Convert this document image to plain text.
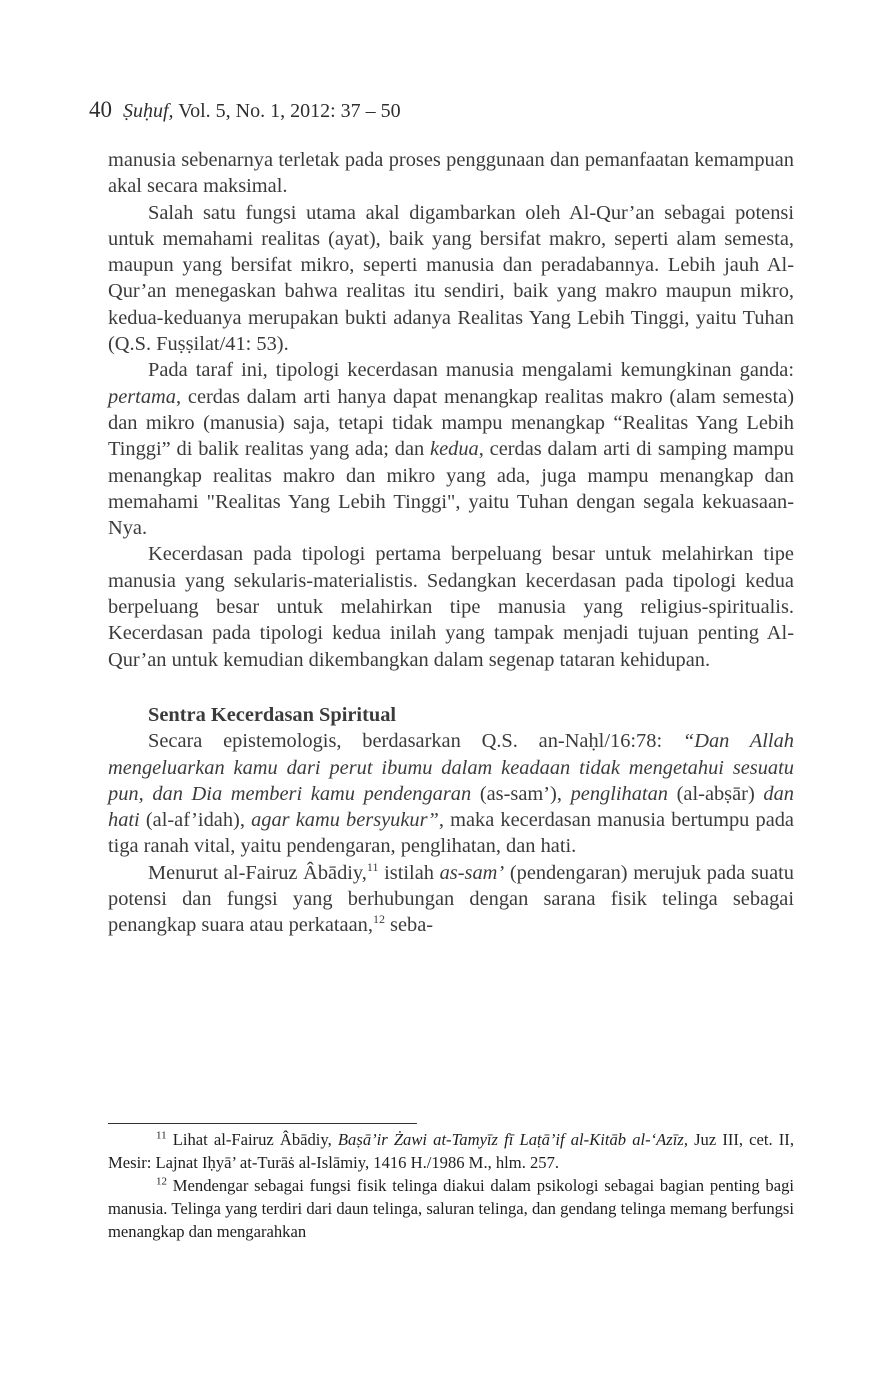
40 Ṣuḥuf, Vol. 5, No. 1, 2012: 37 – 50

manusia sebenarnya terletak pada proses penggunaan dan pemanfaatan kemampuan akal secara maksimal.

Salah satu fungsi utama akal digambarkan oleh Al-Qur’an sebagai potensi untuk memahami realitas (ayat), baik yang bersifat makro, seperti alam semesta, maupun yang bersifat mikro, seperti manusia dan peradabannya. Lebih jauh Al-Qur’an menegaskan bahwa realitas itu sendiri, baik yang makro maupun mikro, kedua-keduanya merupakan bukti adanya Realitas Yang Lebih Tinggi, yaitu Tuhan (Q.S. Fuṣṣilat/41: 53).

Pada taraf ini, tipologi kecerdasan manusia mengalami kemungkinan ganda: pertama, cerdas dalam arti hanya dapat menangkap realitas makro (alam semesta) dan mikro (manusia) saja, tetapi tidak mampu menangkap “Realitas Yang Lebih Tinggi” di balik realitas yang ada; dan kedua, cerdas dalam arti di samping mampu menangkap realitas makro dan mikro yang ada, juga mampu menangkap dan memahami "Realitas Yang Lebih Tinggi", yaitu Tuhan dengan segala kekuasaan-Nya.

Kecerdasan pada tipologi pertama berpeluang besar untuk melahirkan tipe manusia yang sekularis-materialistis. Sedangkan kecerdasan pada tipologi kedua berpeluang besar untuk melahirkan tipe manusia yang religius-spiritualis. Kecerdasan pada tipologi kedua inilah yang tampak menjadi tujuan penting Al-Qur’an untuk kemudian dikembangkan dalam segenap tataran kehidupan.

Sentra Kecerdasan Spiritual

Secara epistemologis, berdasarkan Q.S. an-Naḥl/16:78: “Dan Allah mengeluarkan kamu dari perut ibumu dalam keadaan tidak mengetahui sesuatu pun, dan Dia memberi kamu pendengaran (as-sam’), penglihatan (al-abṣār) dan hati (al-af’idah), agar kamu bersyukur”, maka kecerdasan manusia bertumpu pada tiga ranah vital, yaitu pendengaran, penglihatan, dan hati.

Menurut al-Fairuz Âbādiy,$^{11}$ istilah as-sam’ (pendengaran) merujuk pada suatu potensi dan fungsi yang berhubungan dengan sarana fisik telinga sebagai penangkap suara atau perkataan,$^{12}$ seba-

$^{11}$ Lihat al-Fairuz Âbādiy, Baṣā’ir Żawi at-Tamyīz fī Laṭā’if al-Kitāb al-‘Azīz, Juz III, cet. II, Mesir: Lajnat Iḥyā’ at-Turāṡ al-Islāmiy, 1416 H./1986 M., hlm. 257.

$^{12}$ Mendengar sebagai fungsi fisik telinga diakui dalam psikologi sebagai bagian penting bagi manusia. Telinga yang terdiri dari daun telinga, saluran telinga, dan gendang telinga memang berfungsi menangkap dan mengarahkan
